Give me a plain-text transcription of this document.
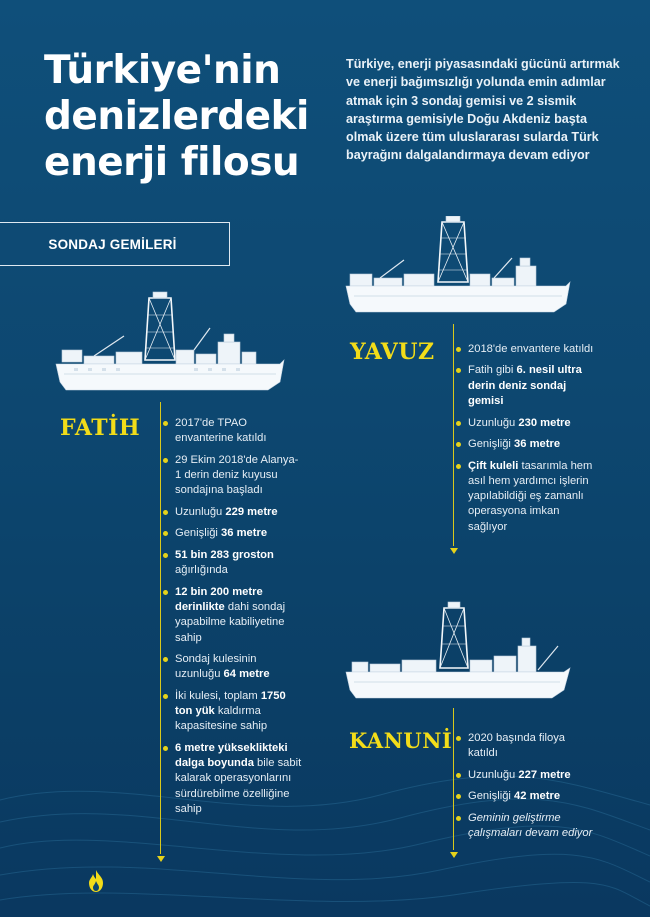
Türkiye'nin
denizlerdeki
enerji filosu
Türkiye, enerji piyasasındaki gücünü artırmak ve enerji bağımsızlığı yolunda emin adımlar atmak için 3 sondaj gemisi ve 2 sismik araştırma gemisiyle Doğu Akdeniz başta olmak üzere tüm uluslararası sularda Türk bayrağını dalgalandırmaya devam ediyor
SONDAJ GEMİLERİ
FATİH	2017'de TPAO envanterine katıldı
29 Ekim 2018'de Alanya-1 derin deniz kuyusu sondajına başladı
Uzunluğu 229 metre
Genişliği 36 metre
51 bin 283 groston ağırlığında
12 bin 200 metre derinlikte dahi sondaj yapabilme kabiliyetine sahip
Sondaj kulesinin uzunluğu 64 metre
İki kulesi, toplam 1750 ton yük kaldırma kapasitesine sahip
6 metre yükseklikteki dalga boyunda bile sabit kalarak operasyonlarını sürdürebilme özelliğine sahip
YAVUZ	2018'de envantere katıldı
Fatih gibi 6. nesil ultra derin deniz sondaj gemisi
Uzunluğu 230 metre
Genişliği 36 metre
Çift kuleli tasarımla hem asıl hem yardımcı işlerin yapılabildiği eş zamanlı operasyona imkan sağlıyor
KANUNİ	2020 başında filoya katıldı
Uzunluğu 227 metre
Genişliği 42 metre
Geminin geliştirme çalışmaları devam ediyor
